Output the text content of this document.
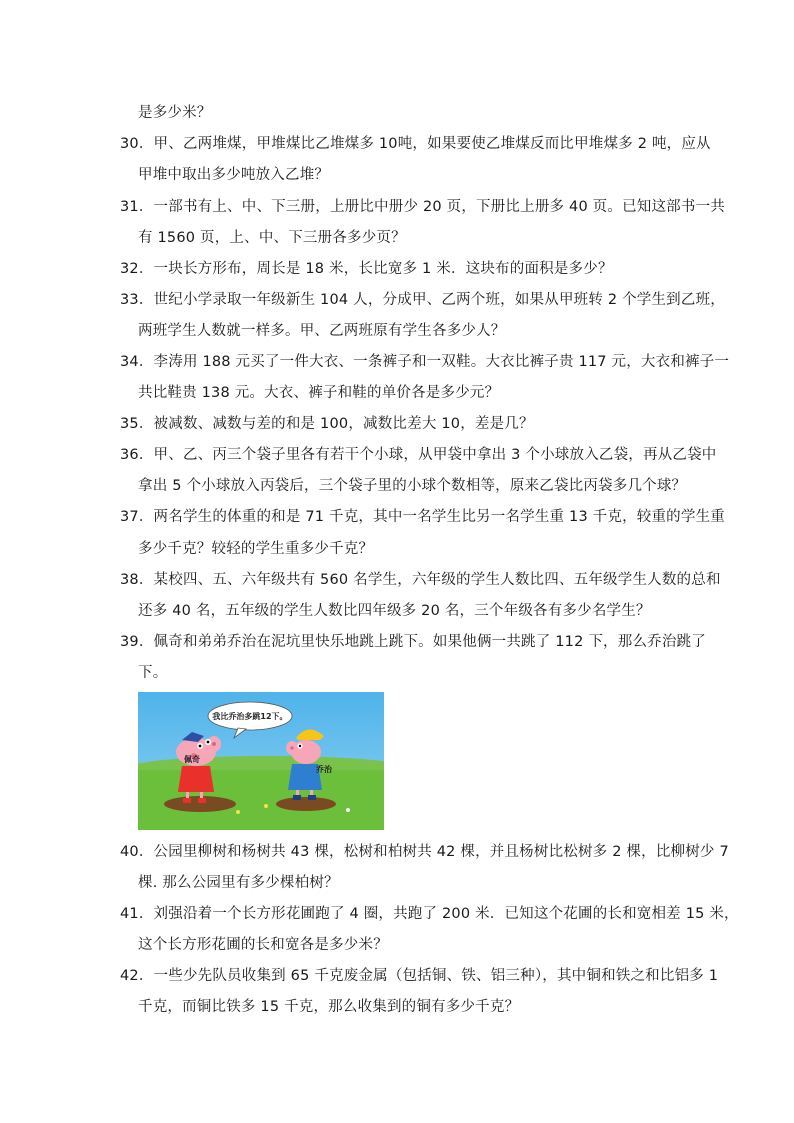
是多少米？
30．甲、乙两堆煤，甲堆煤比乙堆煤多 10吨，如果要使乙堆煤反而比甲堆煤多 2 吨，应从
甲堆中取出多少吨放入乙堆？
31．一部书有上、中、下三册，上册比中册少 20 页，下册比上册多 40 页。已知这部书一共
有 1560 页，上、中、下三册各多少页？
32．一块长方形布，周长是 18 米，长比宽多 1 米．这块布的面积是多少？
33．世纪小学录取一年级新生 104 人，分成甲、乙两个班，如果从甲班转 2 个学生到乙班，
两班学生人数就一样多。甲、乙两班原有学生各多少人？
34．李涛用 188 元买了一件大衣、一条裤子和一双鞋。大衣比裤子贵 117 元，大衣和裤子一
共比鞋贵 138 元。大衣、裤子和鞋的单价各是多少元？
35．被减数、减数与差的和是 100，减数比差大 10，差是几？
36．甲、乙、丙三个袋子里各有若干个小球，从甲袋中拿出 3 个小球放入乙袋，再从乙袋中
拿出 5 个小球放入丙袋后，三个袋子里的小球个数相等，原来乙袋比丙袋多几个球？
37．两名学生的体重的和是 71 千克，其中一名学生比另一名学生重 13 千克，较重的学生重
多少千克？较轻的学生重多少千克？
38．某校四、五、六年级共有 560 名学生，六年级的学生人数比四、五年级学生人数的总和
还多 40 名，五年级的学生人数比四年级多 20 名，三个年级各有多少名学生？
39．佩奇和弟弟乔治在泥坑里快乐地跳上跳下。如果他俩一共跳了 112 下，那么乔治跳了
下。
我比乔治多跳12下。
佩奇
乔治
40．公园里柳树和杨树共 43 棵，松树和柏树共 42 棵，并且杨树比松树多 2 棵，比柳树少 7
棵. 那么公园里有多少棵柏树？
41．刘强沿着一个长方形花圃跑了 4 圈，共跑了 200 米．已知这个花圃的长和宽相差 15 米，
这个长方形花圃的长和宽各是多少米？
42．一些少先队员收集到 65 千克废金属（包括铜、铁、铝三种），其中铜和铁之和比铝多 1
千克，而铜比铁多 15 千克，那么收集到的铜有多少千克？
